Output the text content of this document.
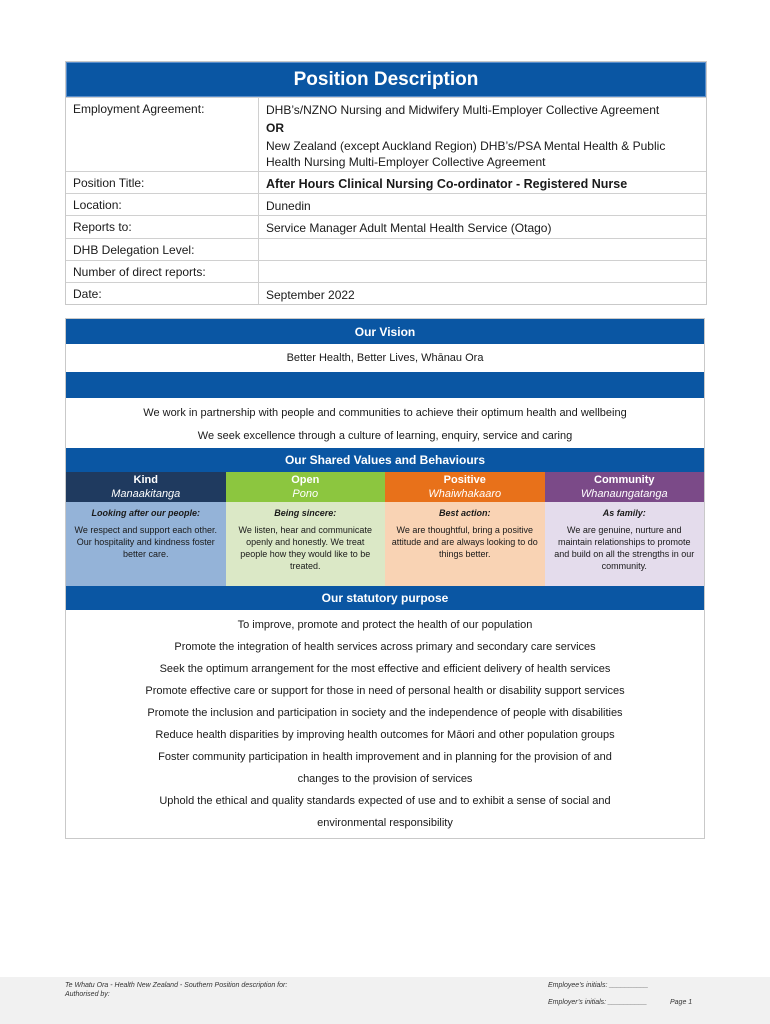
Position Description
Employment Agreement:	DHB’s/NZNO Nursing and Midwifery Multi-Employer Collective Agreement
OR
New Zealand (except Auckland Region) DHB’s/PSA Mental Health & Public
Health Nursing Multi-Employer Collective Agreement
Position Title:	After Hours Clinical Nursing Co-ordinator - Registered Nurse
Location:	Dunedin
Reports to:	Service Manager Adult Mental Health Service (Otago)
DHB Delegation Level:
Number of direct reports:
Date:	September 2022
Our Vision
Better Health, Better Lives, Whānau Ora
We work in partnership with people and communities to achieve their optimum health and wellbeing
We seek excellence through a culture of learning, enquiry, service and caring
Our Shared Values and Behaviours
Kind
Manaakitanga
Looking after our people:
We respect and support each other. Our hospitality and kindness foster better care.
Open
Pono
Being sincere:
We listen, hear and communicate openly and honestly. We treat people how they would like to be treated.
Positive
Whaiwhakaaro
Best action:
We are thoughtful, bring a positive attitude and are always looking to do things better.
Community
Whanaungatanga
As family:
We are genuine, nurture and maintain relationships to promote and build on all the strengths in our community.
Our statutory purpose
To improve, promote and protect the health of our population
Promote the integration of health services across primary and secondary care services
Seek the optimum arrangement for the most effective and efficient delivery of health services
Promote effective care or support for those in need of personal health or disability support services
Promote the inclusion and participation in society and the independence of people with disabilities
Reduce health disparities by improving health outcomes for Māori and other population groups
Foster community participation in health improvement and in planning for the provision of and
changes to the provision of services
Uphold the ethical and quality standards expected of use and to exhibit a sense of social and
environmental responsibility
Te Whatu Ora - Health New Zealand - Southern Position description for:
Authorised by:
Employee’s initials: __________
Employer’s initials: __________	Page 1
